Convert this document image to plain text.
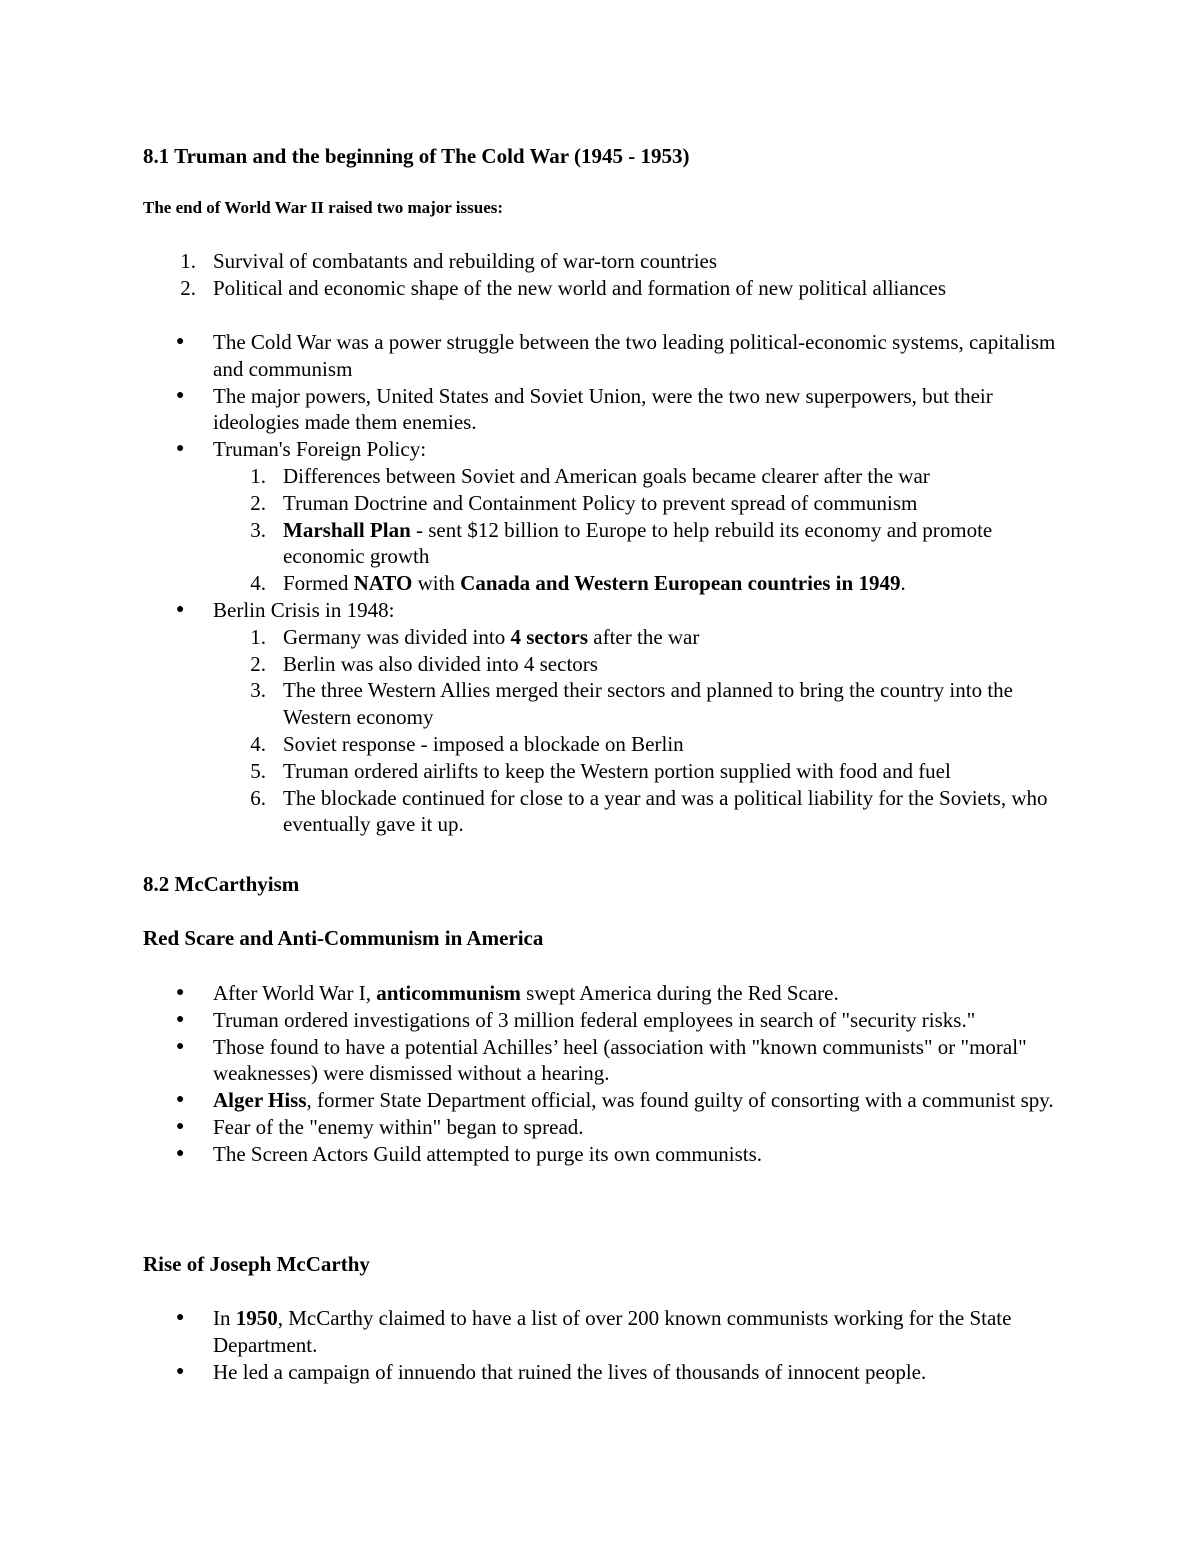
8.1 Truman and the beginning of The Cold War (1945 - 1953)
The end of World War II raised two major issues:
1. Survival of combatants and rebuilding of war-torn countries
2. Political and economic shape of the new world and formation of new political alliances
● The Cold War was a power struggle between the two leading political-economic systems, capitalism and communism
● The major powers, United States and Soviet Union, were the two new superpowers, but their ideologies made them enemies.
● Truman's Foreign Policy:
1. Differences between Soviet and American goals became clearer after the war
2. Truman Doctrine and Containment Policy to prevent spread of communism
3. Marshall Plan - sent $12 billion to Europe to help rebuild its economy and promote economic growth
4. Formed NATO with Canada and Western European countries in 1949.
● Berlin Crisis in 1948:
1. Germany was divided into 4 sectors after the war
2. Berlin was also divided into 4 sectors
3. The three Western Allies merged their sectors and planned to bring the country into the Western economy
4. Soviet response - imposed a blockade on Berlin
5. Truman ordered airlifts to keep the Western portion supplied with food and fuel
6. The blockade continued for close to a year and was a political liability for the Soviets, who eventually gave it up.
8.2 McCarthyism
Red Scare and Anti-Communism in America
● After World War I, anticommunism swept America during the Red Scare.
● Truman ordered investigations of 3 million federal employees in search of "security risks."
● Those found to have a potential Achilles’ heel (association with "known communists" or "moral" weaknesses) were dismissed without a hearing.
● Alger Hiss, former State Department official, was found guilty of consorting with a communist spy.
● Fear of the "enemy within" began to spread.
● The Screen Actors Guild attempted to purge its own communists.
Rise of Joseph McCarthy
● In 1950, McCarthy claimed to have a list of over 200 known communists working for the State Department.
● He led a campaign of innuendo that ruined the lives of thousands of innocent people.
